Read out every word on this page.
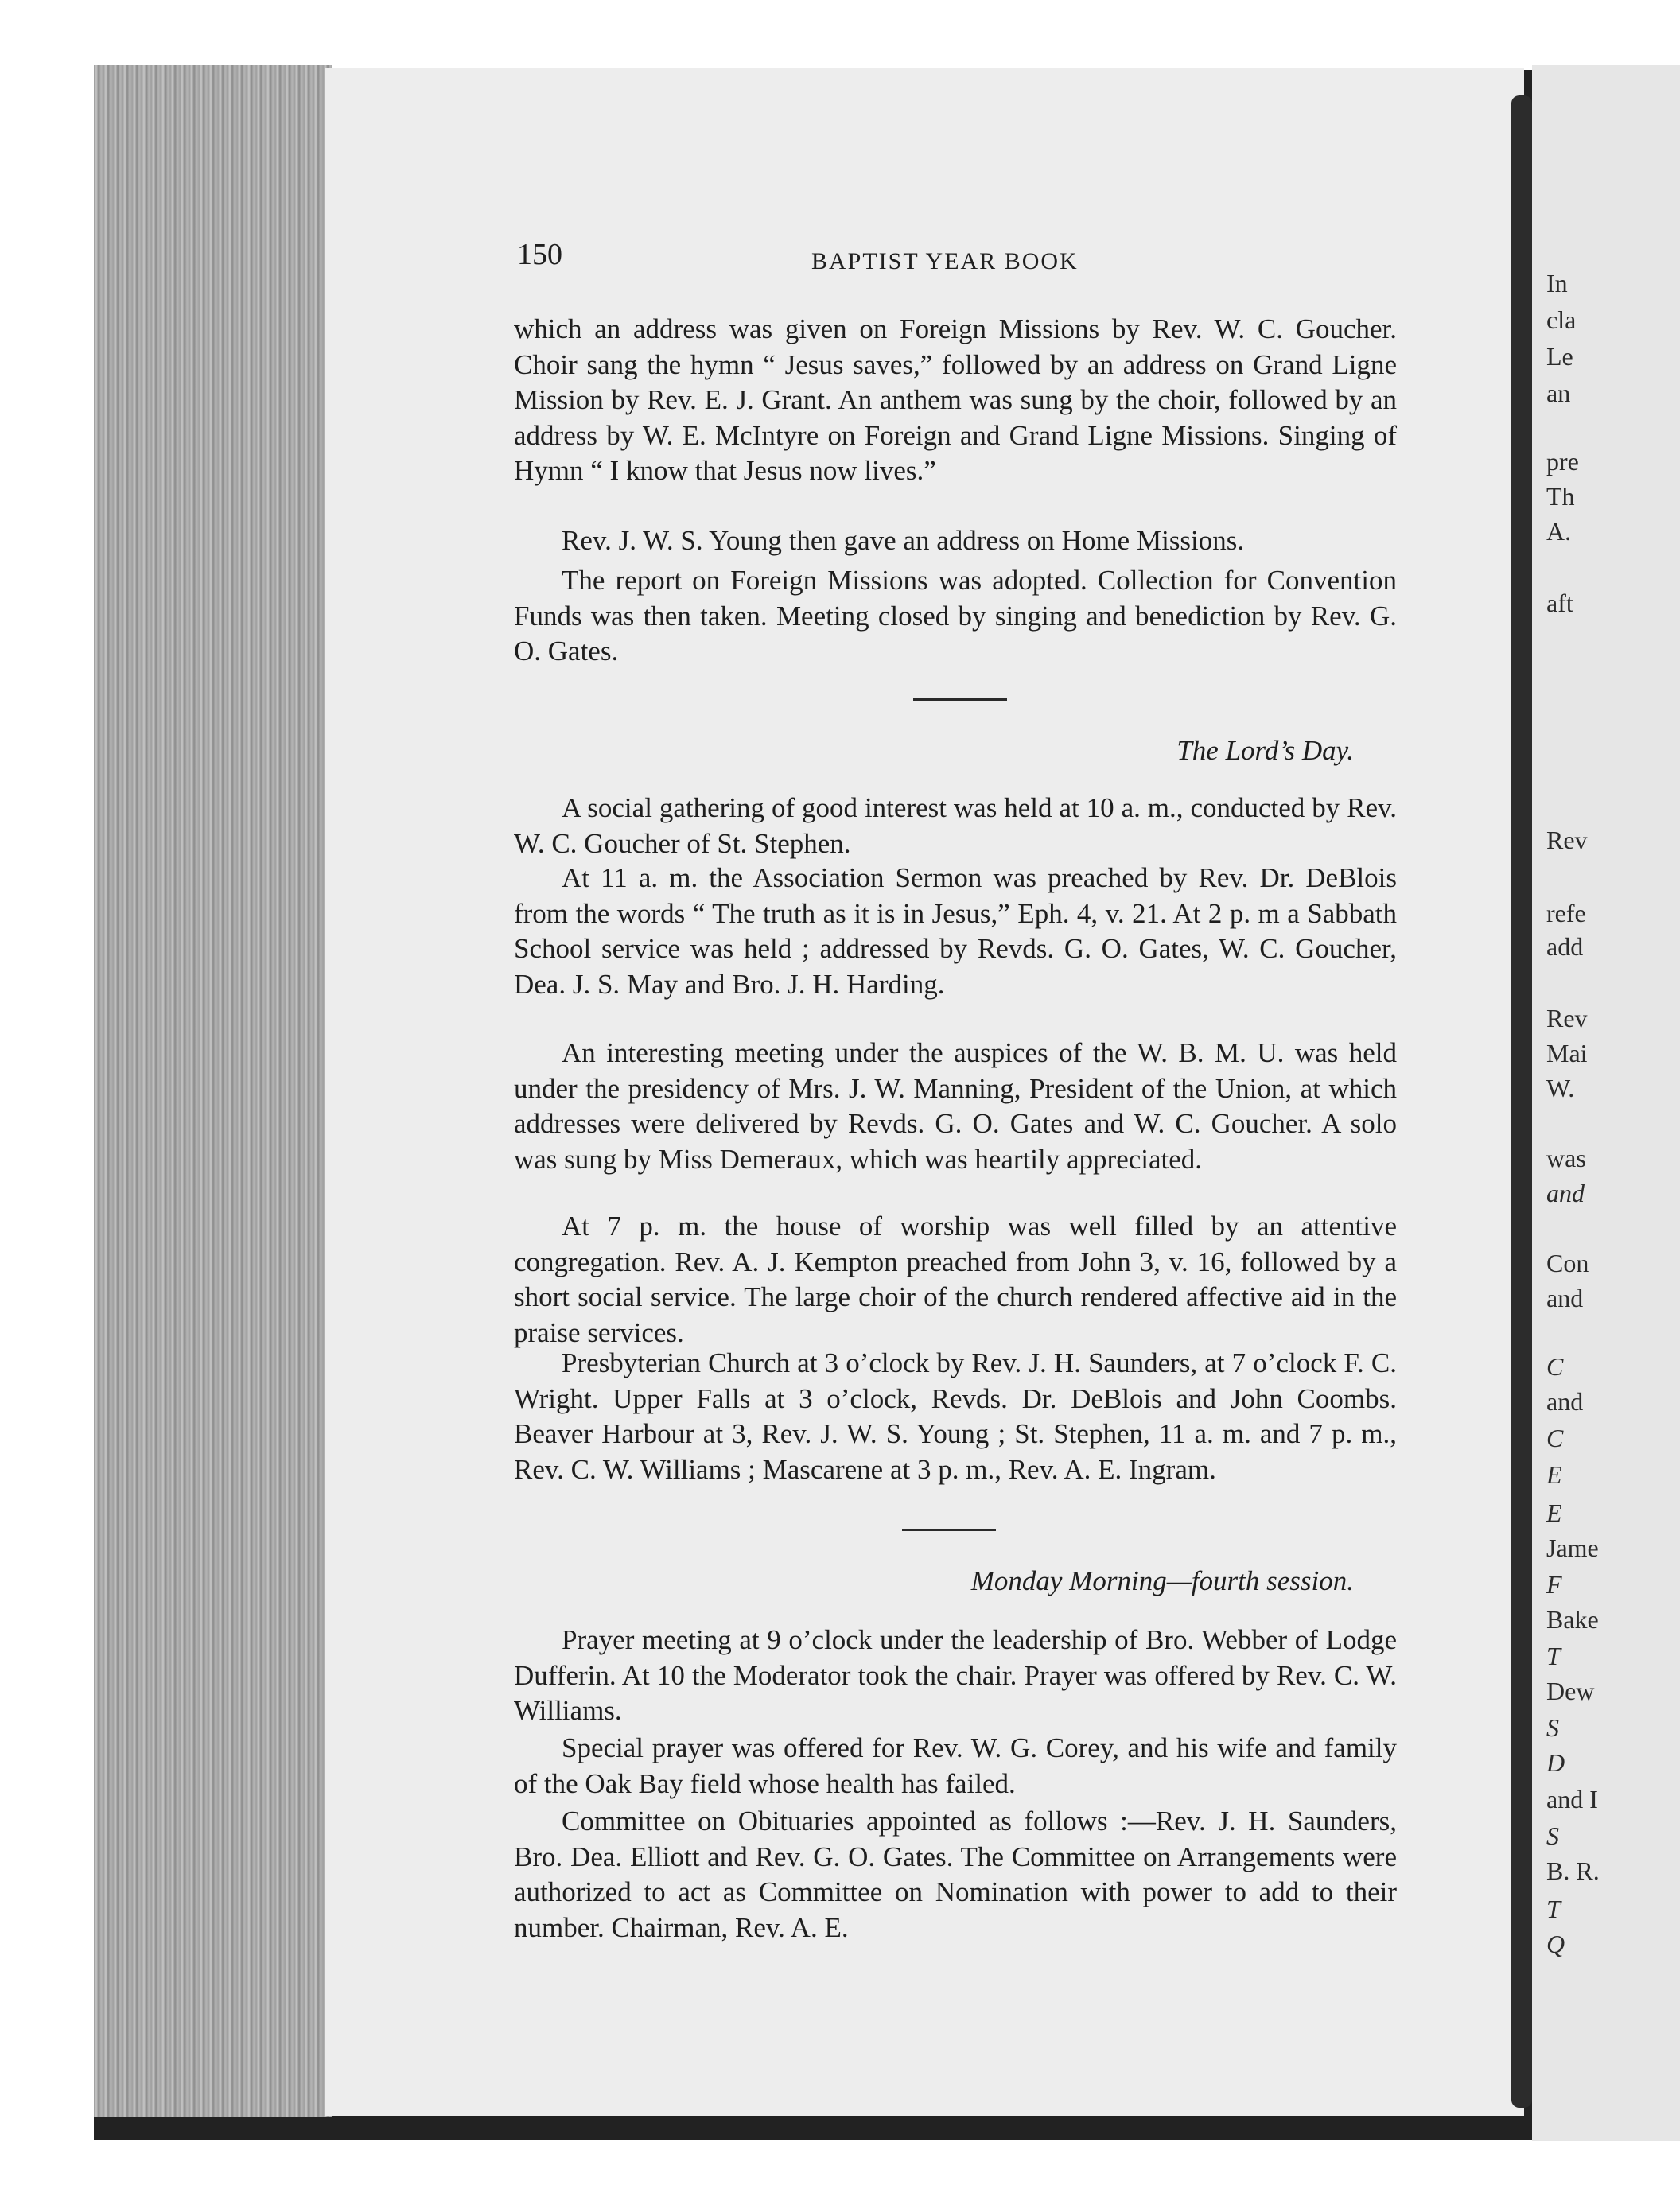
In
cla
Le
an
pre
Th
A.
aft
Rev
refe
add
Rev
Mai
W.
was
and
Con
and
C
and
C
E
E
Jame
F
Bake
T
Dew
S
D
and I
S
B. R.
T
Q
150	BAPTIST YEAR BOOK

which an address was given on Foreign Missions by Rev. W. C. Goucher. Choir sang the hymn “ Jesus saves,” followed by an address on Grand Ligne Mission by Rev. E. J. Grant. An anthem was sung by the choir, followed by an address by W. E. McIntyre on Foreign and Grand Ligne Missions. Singing of Hymn “ I know that Jesus now lives.”

Rev. J. W. S. Young then gave an address on Home Missions.

The report on Foreign Missions was adopted. Collection for Convention Funds was then taken. Meeting closed by singing and benediction by Rev. G. O. Gates.

The Lord’s Day.

A social gathering of good interest was held at 10 a. m., conducted by Rev. W. C. Goucher of St. Stephen.

At 11 a. m. the Association Sermon was preached by Rev. Dr. DeBlois from the words “ The truth as it is in Jesus,” Eph. 4, v. 21. At 2 p. m a Sabbath School service was held ; addressed by Revds. G. O. Gates, W. C. Goucher, Dea. J. S. May and Bro. J. H. Harding.

An interesting meeting under the auspices of the W. B. M. U. was held under the presidency of Mrs. J. W. Manning, President of the Union, at which addresses were delivered by Revds. G. O. Gates and W. C. Goucher. A solo was sung by Miss Demeraux, which was heartily appreciated.

At 7 p. m. the house of worship was well filled by an attentive congregation. Rev. A. J. Kempton preached from John 3, v. 16, followed by a short social service. The large choir of the church rendered affective aid in the praise services.

Presbyterian Church at 3 o’clock by Rev. J. H. Saunders, at 7 o’clock F. C. Wright. Upper Falls at 3 o’clock, Revds. Dr. DeBlois and John Coombs. Beaver Harbour at 3, Rev. J. W. S. Young ; St. Stephen, 11 a. m. and 7 p. m., Rev. C. W. Williams ; Mascarene at 3 p. m., Rev. A. E. Ingram.

Monday Morning—fourth session.

Prayer meeting at 9 o’clock under the leadership of Bro. Webber of Lodge Dufferin. At 10 the Moderator took the chair. Prayer was offered by Rev. C. W. Williams.

Special prayer was offered for Rev. W. G. Corey, and his wife and family of the Oak Bay field whose health has failed.

Committee on Obituaries appointed as follows :—Rev. J. H. Saunders, Bro. Dea. Elliott and Rev. G. O. Gates. The Committee on Arrangements were authorized to act as Committee on Nomination with power to add to their number. Chairman, Rev. A. E.
